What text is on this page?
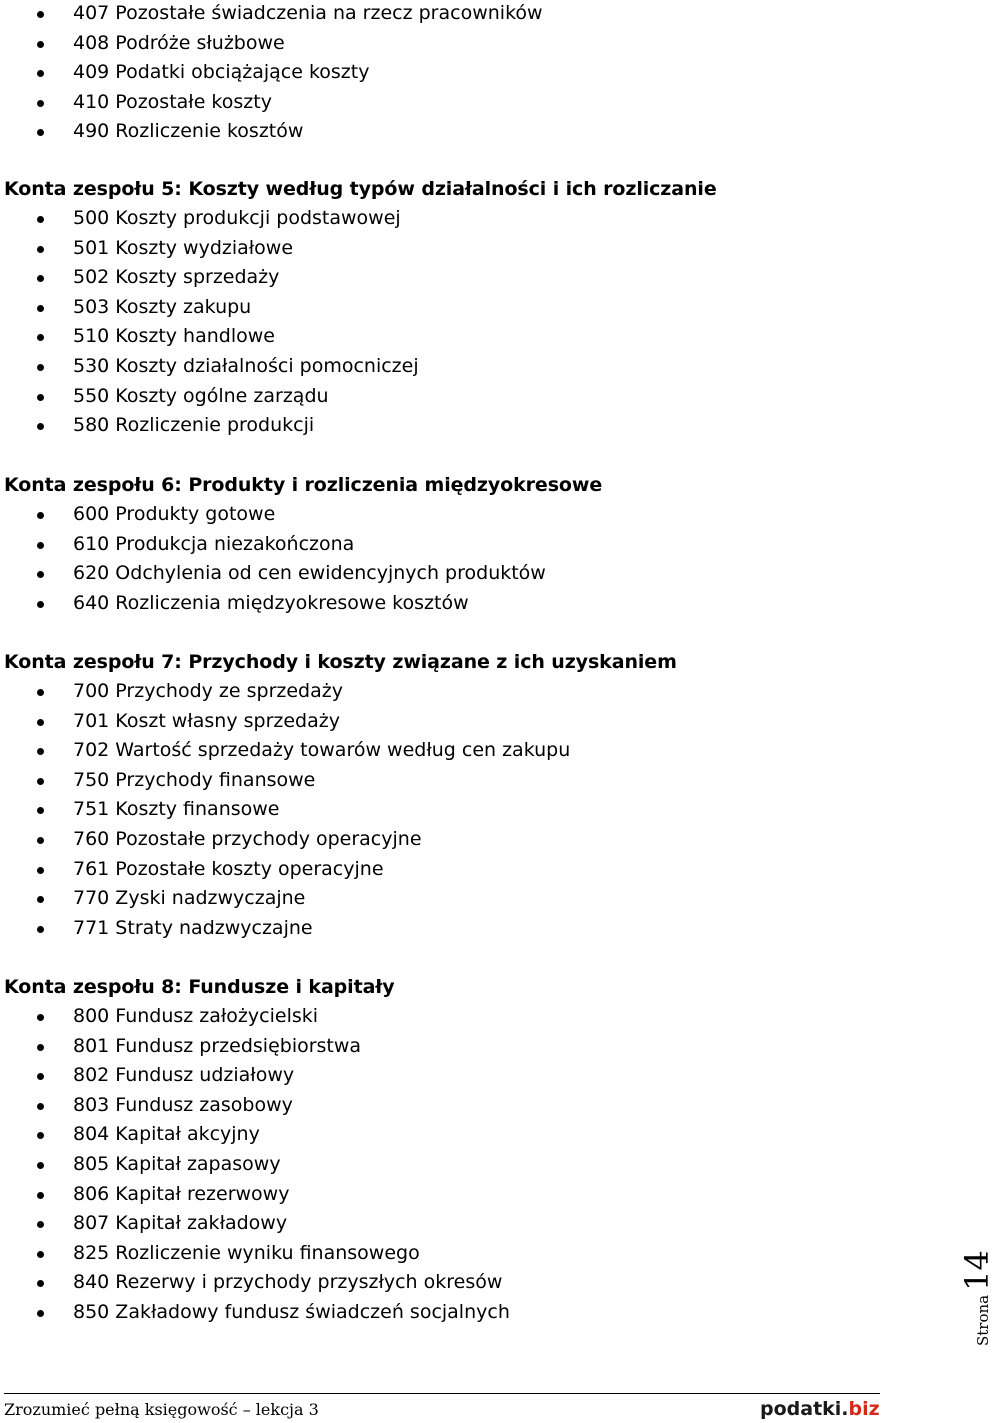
407 Pozostałe świadczenia na rzecz pracowników
408 Podróże służbowe
409 Podatki obciążające koszty
410 Pozostałe koszty
490 Rozliczenie kosztów
Konta zespołu 5: Koszty według typów działalności i ich rozliczanie
500 Koszty produkcji podstawowej
501 Koszty wydziałowe
502 Koszty sprzedaży
503 Koszty zakupu
510 Koszty handlowe
530 Koszty działalności pomocniczej
550 Koszty ogólne zarządu
580 Rozliczenie produkcji
Konta zespołu 6: Produkty i rozliczenia międzyokresowe
600 Produkty gotowe
610 Produkcja niezakończona
620 Odchylenia od cen ewidencyjnych produktów
640 Rozliczenia międzyokresowe kosztów
Konta zespołu 7: Przychody i koszty związane z ich uzyskaniem
700 Przychody ze sprzedaży
701 Koszt własny sprzedaży
702 Wartość sprzedaży towarów według cen zakupu
750 Przychody finansowe
751 Koszty finansowe
760 Pozostałe przychody operacyjne
761 Pozostałe koszty operacyjne
770 Zyski nadzwyczajne
771 Straty nadzwyczajne
Konta zespołu 8: Fundusze i kapitały
800 Fundusz założycielski
801 Fundusz przedsiębiorstwa
802 Fundusz udziałowy
803 Fundusz zasobowy
804 Kapitał akcyjny
805 Kapitał zapasowy
806 Kapitał rezerwowy
807 Kapitał zakładowy
825 Rozliczenie wyniku finansowego
840 Rezerwy i przychody przyszłych okresów
850 Zakładowy fundusz świadczeń socjalnych	Strona14
Zrozumieć pełną księgowość – lekcja 3	podatki.biz
